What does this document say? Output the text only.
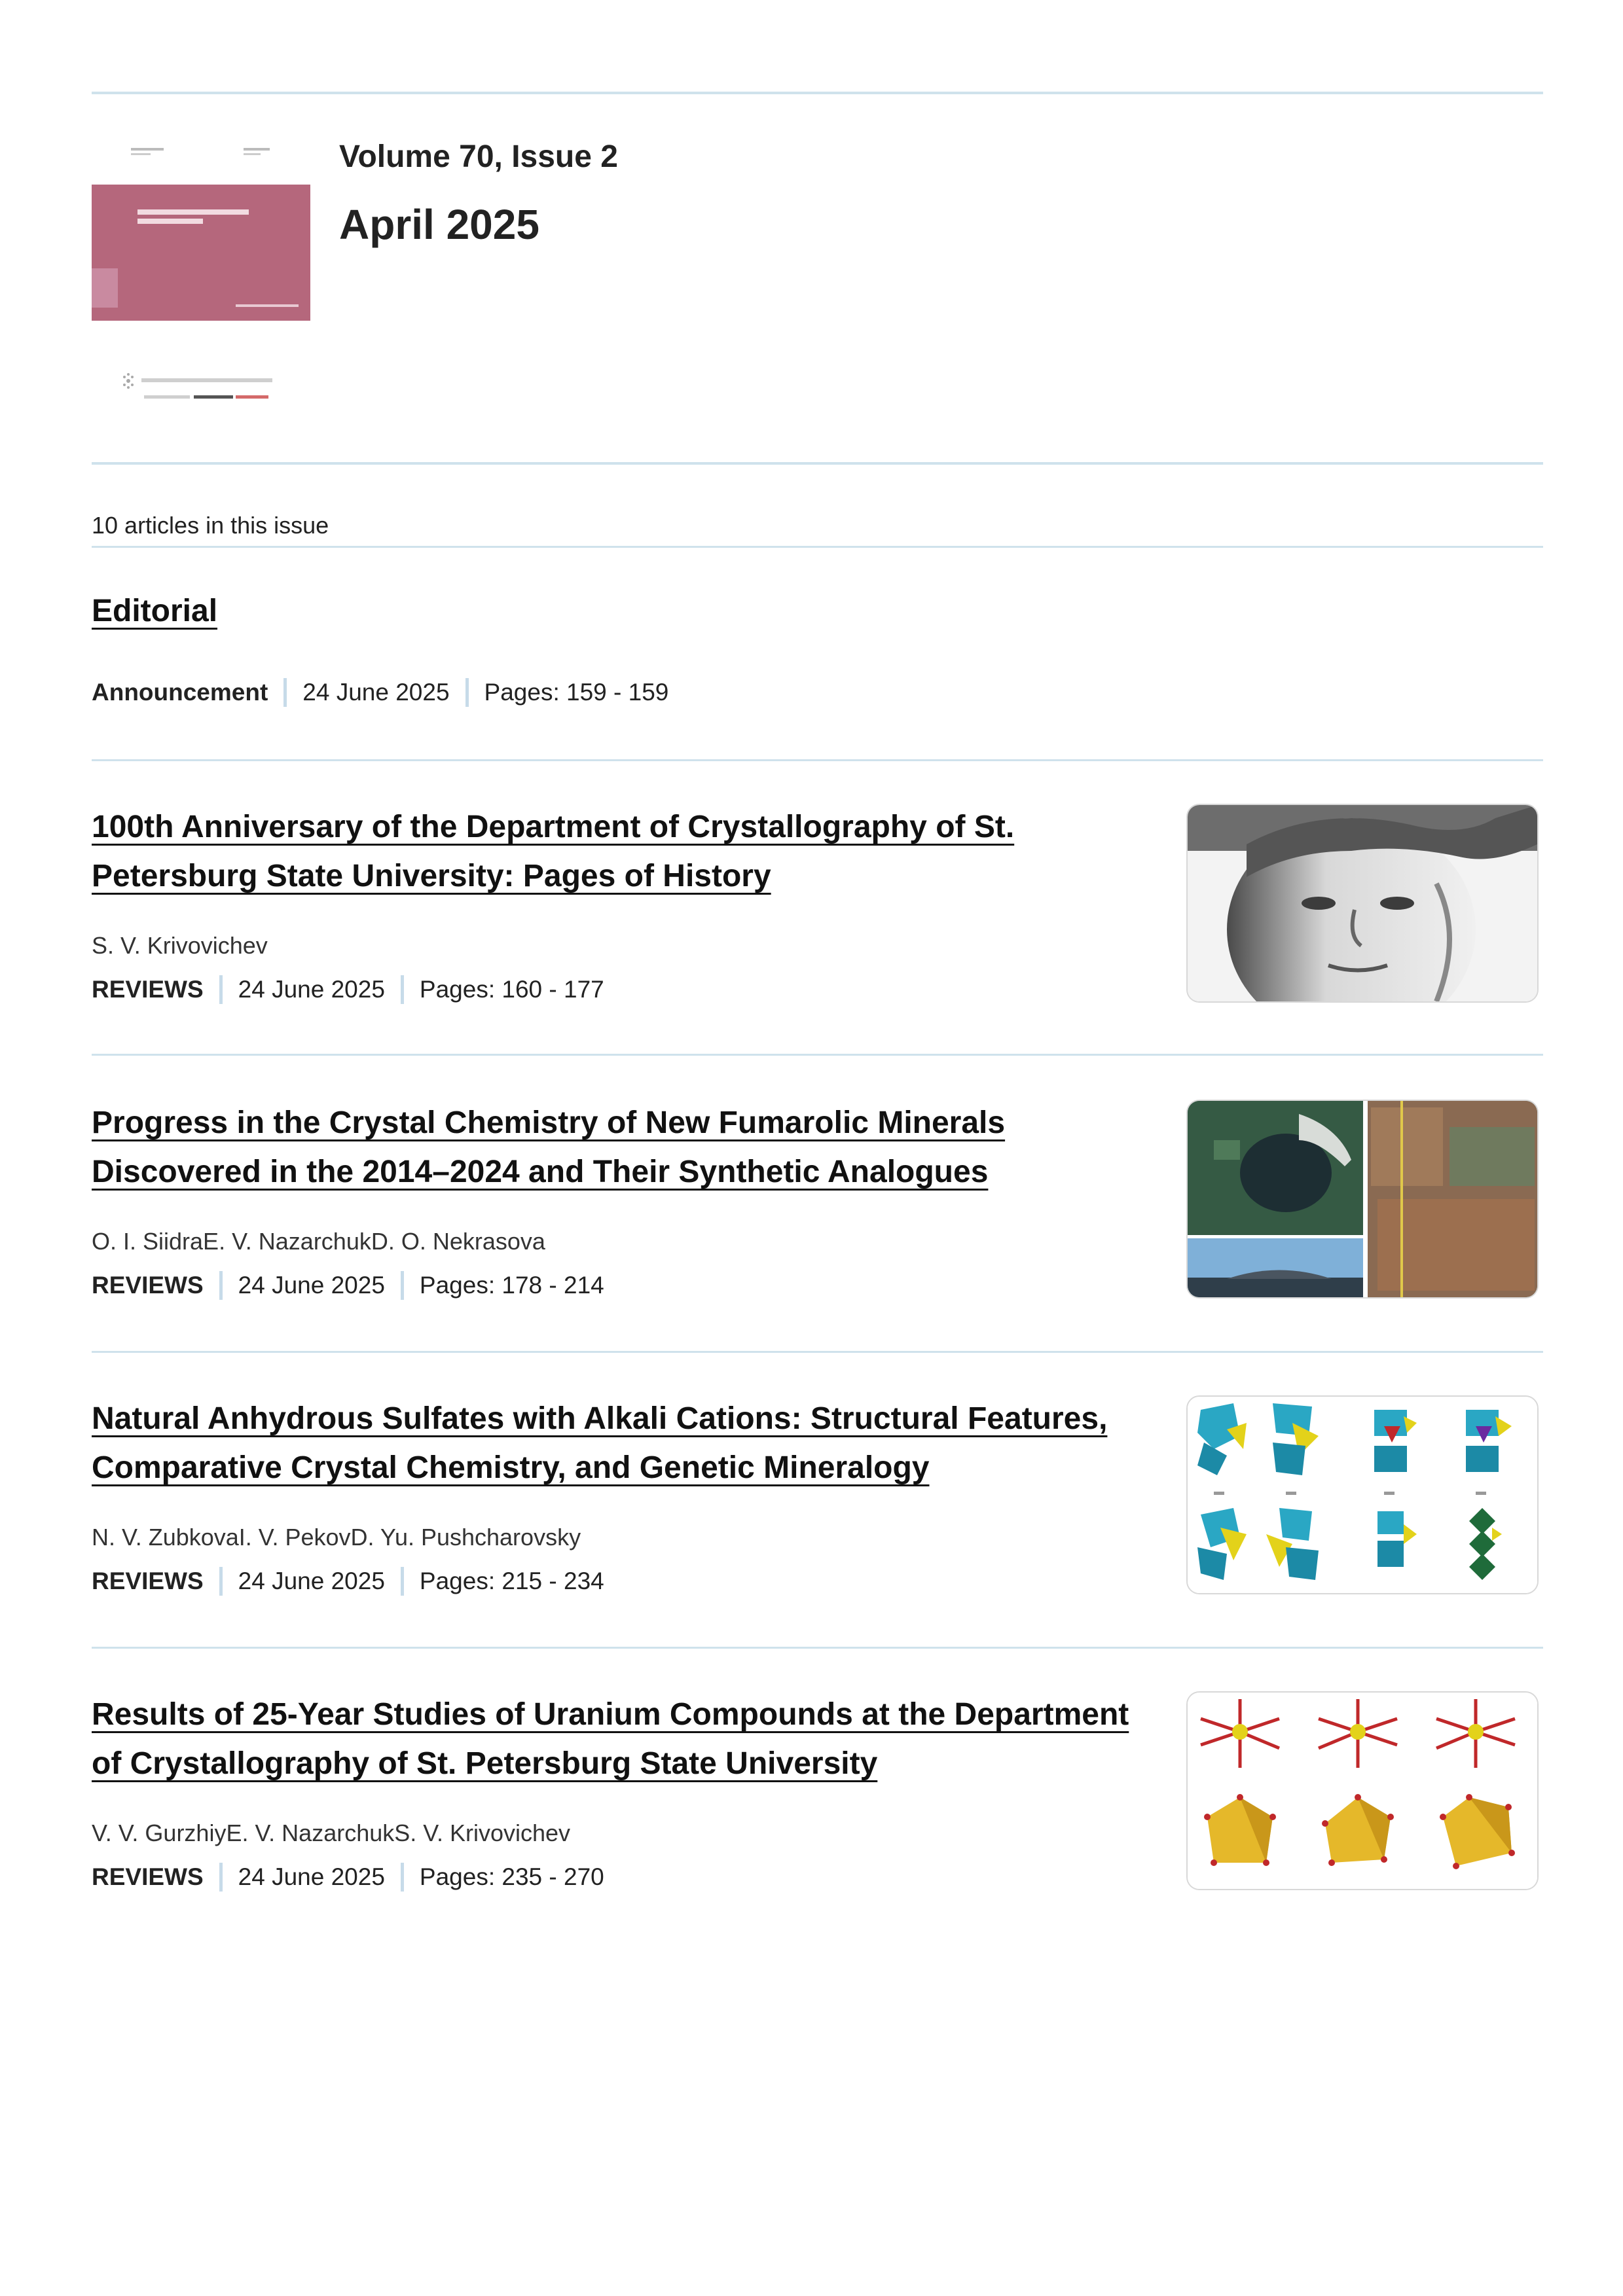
Volume 70, Issue 2
April 2025
10 articles in this issue
Editorial
Announcement 24 June 2025 Pages: 159 - 159
100th Anniversary of the Department of Crystallography of St. Petersburg State University: Pages of History
S. V. Krivovichev
REVIEWS 24 June 2025 Pages: 160 - 177
Progress in the Crystal Chemistry of New Fumarolic Minerals Discovered in the 2014–2024 and Their Synthetic Analogues
O. I. SiidraE. V. NazarchukD. O. Nekrasova
REVIEWS 24 June 2025 Pages: 178 - 214
Natural Anhydrous Sulfates with Alkali Cations: Structural Features, Comparative Crystal Chemistry, and Genetic Mineralogy
N. V. ZubkovaI. V. PekovD. Yu. Pushcharovsky
REVIEWS 24 June 2025 Pages: 215 - 234
Results of 25-Year Studies of Uranium Compounds at the Department of Crystallography of St. Petersburg State University
V. V. GurzhiyE. V. NazarchukS. V. Krivovichev
REVIEWS 24 June 2025 Pages: 235 - 270
